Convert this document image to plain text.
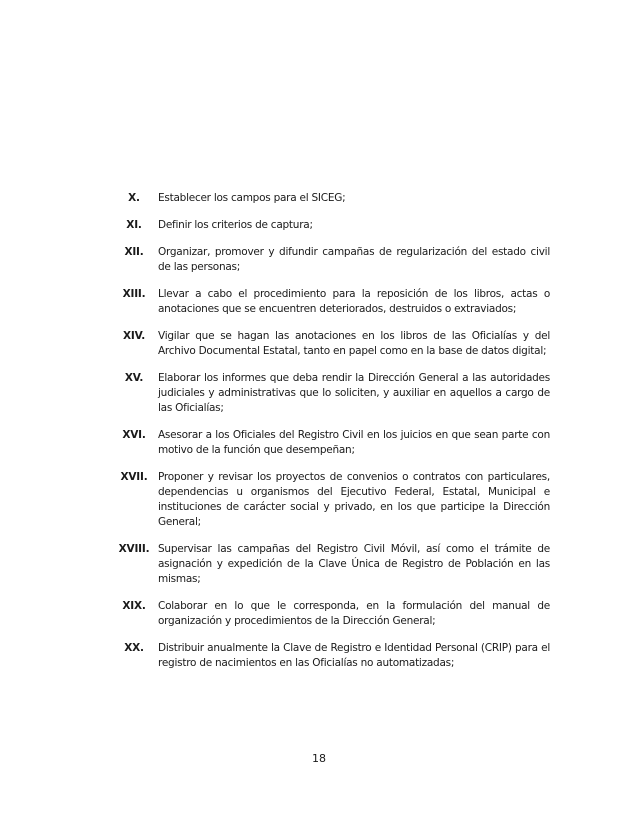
X.	Establecer los campos para el SICEG;
XI.	Definir los criterios de captura;
XII.	Organizar, promover y difundir campañas de regularización del estado civil de las personas;
XIII.	Llevar a cabo el procedimiento para la reposición de los libros, actas o anotaciones que se encuentren deteriorados, destruidos o extraviados;
XIV.	Vigilar que se hagan las anotaciones en los libros de las Oficialías y del Archivo Documental Estatal, tanto en papel como en la base de datos digital;
XV.	Elaborar los informes que deba rendir la Dirección General a las autoridades judiciales y administrativas que lo soliciten, y auxiliar en aquellos a cargo de las Oficialías;
XVI.	Asesorar a los Oficiales del Registro Civil en los juicios en que sean parte con motivo de la función que desempeñan;
XVII. Proponer y revisar los proyectos de convenios o contratos con particulares, dependencias u organismos del Ejecutivo Federal, Estatal, Municipal e instituciones de carácter social y privado, en los que participe la Dirección General;
XVIII. Supervisar las campañas del Registro Civil Móvil, así como el trámite de asignación y expedición de la Clave Única de Registro de Población en las mismas;
XIX.	Colaborar en lo que le corresponda, en la formulación del manual de organización y procedimientos de la Dirección General;
XX.	Distribuir anualmente la Clave de Registro e Identidad Personal (CRIP) para el registro de nacimientos en las Oficialías no automatizadas;
18
